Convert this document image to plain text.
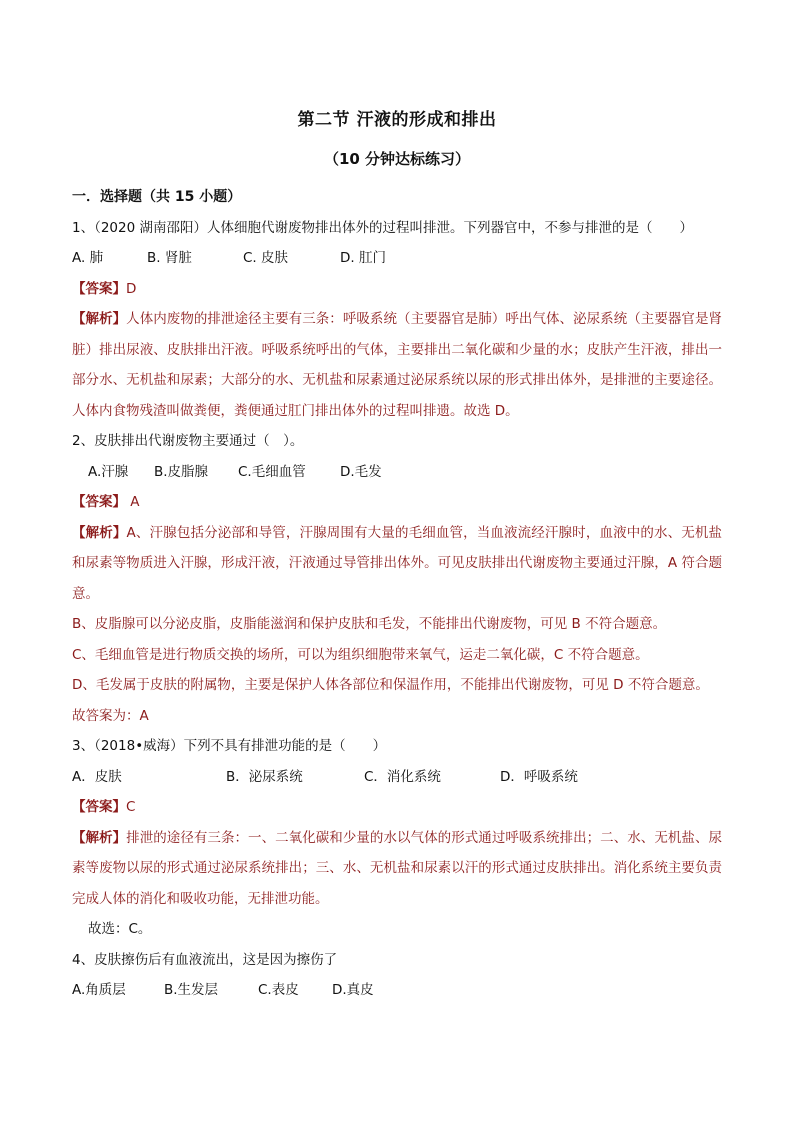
第二节 汗液的形成和排出
（10 分钟达标练习）

一．选择题（共 15 小题）

1、（2020 湖南邵阳）人体细胞代谢废物排出体外的过程叫排泄。下列器官中，不参与排泄的是（　　）

A. 肺	B. 肾脏	C. 皮肤	D. 肛门

【答案】D

【解析】人体内废物的排泄途径主要有三条：呼吸系统（主要器官是肺）呼出气体、泌尿系统（主要器官是肾脏）排出尿液、皮肤排出汗液。呼吸系统呼出的气体，主要排出二氧化碳和少量的水；皮肤产生汗液，排出一部分水、无机盐和尿素；大部分的水、无机盐和尿素通过泌尿系统以尿的形式排出体外，是排泄的主要途径。人体内食物残渣叫做粪便，粪便通过肛门排出体外的过程叫排遗。故选 D。

2、皮肤排出代谢废物主要通过（　）。

A.汗腺	B.皮脂腺	C.毛细血管	D.毛发

【答案】 A

【解析】A、汗腺包括分泌部和导管，汗腺周围有大量的毛细血管，当血液流经汗腺时，血液中的水、无机盐和尿素等物质进入汗腺，形成汗液，汗液通过导管排出体外。可见皮肤排出代谢废物主要通过汗腺，A 符合题意。

B、皮脂腺可以分泌皮脂，皮脂能滋润和保护皮肤和毛发，不能排出代谢废物，可见 B 不符合题意。

C、毛细血管是进行物质交换的场所，可以为组织细胞带来氧气，运走二氧化碳，C 不符合题意。

D、毛发属于皮肤的附属物，主要是保护人体各部位和保温作用，不能排出代谢废物，可见 D 不符合题意。

故答案为：A

3、（2018•威海）下列不具有排泄功能的是（　　）

A．皮肤	B．泌尿系统	C．消化系统	D．呼吸系统

【答案】C

【解析】排泄的途径有三条：一、二氧化碳和少量的水以气体的形式通过呼吸系统排出；二、水、无机盐、尿素等废物以尿的形式通过泌尿系统排出；三、水、无机盐和尿素以汗的形式通过皮肤排出。消化系统主要负责完成人体的消化和吸收功能，无排泄功能。

故选：C。

4、皮肤擦伤后有血液流出，这是因为擦伤了

A.角质层	B.生发层	C.表皮	D.真皮
